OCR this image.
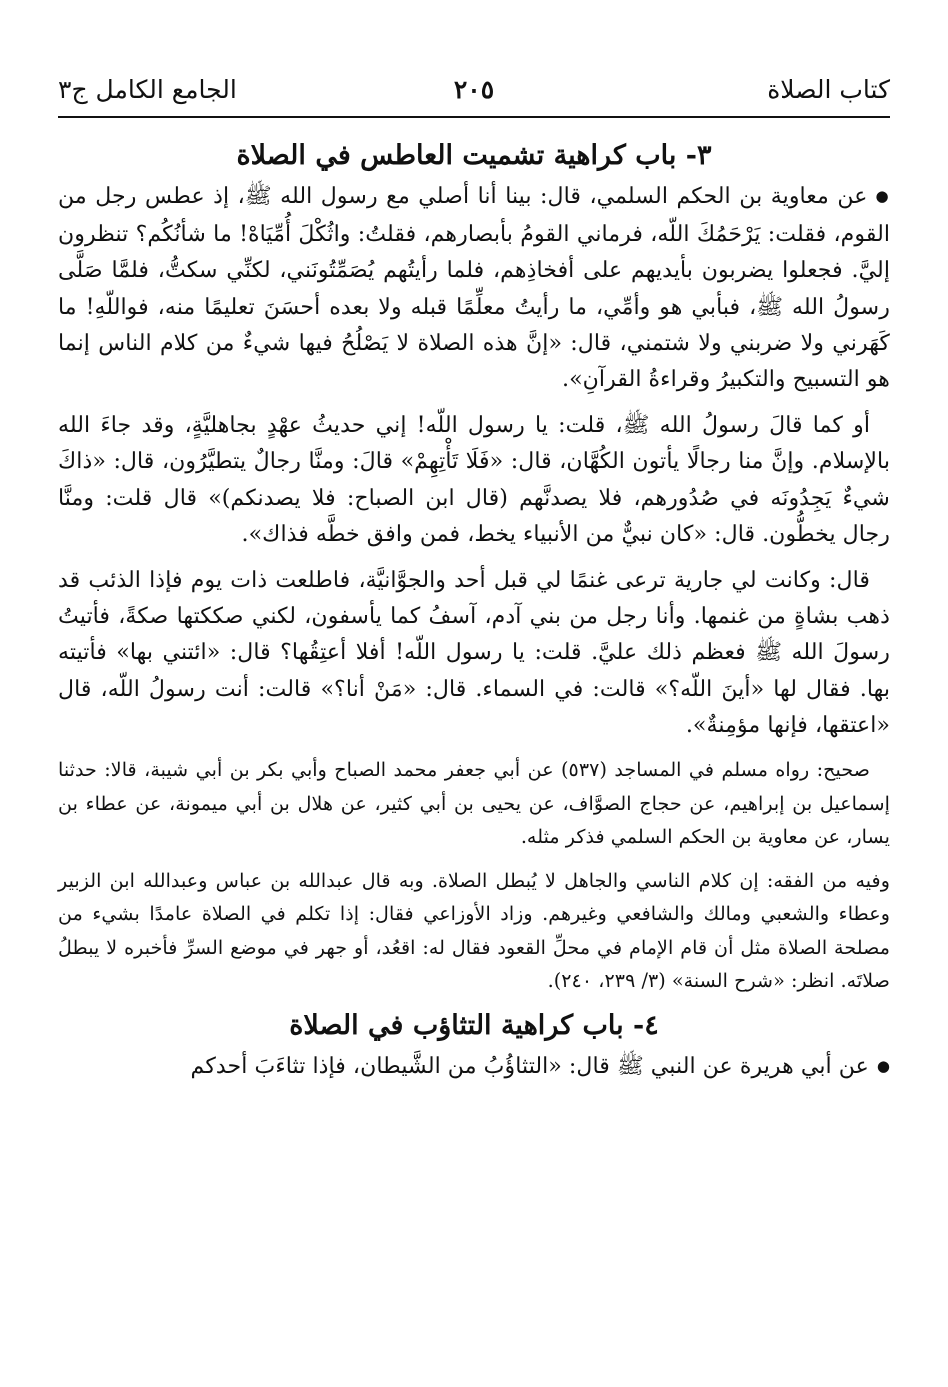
كتاب الصلاة
٢٠٥
الجامع الكامل ج٣
٣- باب كراهية تشميت العاطس في الصلاة

● عن معاوية بن الحكم السلمي، قال: بينا أنا أصلي مع رسول الله ﷺ، إذ عطس رجل من القوم، فقلت: يَرْحَمُكَ اللّه، فرماني القومُ بأبصارهم، فقلتُ: واثُكْلَ أُمِّيَاهْ! ما شأنُكُم؟ تنظرون إليَّ. فجعلوا يضربون بأيديهم على أفخاذِهم، فلما رأيتُهم يُصَمِّتُونَني، لكنِّي سكتُّ، فلمَّا صَلَّى رسولُ الله ﷺ، فبأبي هو وأمِّي، ما رأيتُ معلِّمًا قبله ولا بعده أحسَنَ تعليمًا منه، فواللّهِ! ما كَهَرني ولا ضربني ولا شتمني، قال: «إنَّ هذه الصلاة لا يَصْلُحُ فيها شيءٌ من كلام الناس إنما هو التسبيح والتكبيرُ وقراءةُ القرآنِ».

أو كما قالَ رسولُ الله ﷺ، قلت: يا رسول اللّه! إني حديثُ عهْدٍ بجاهليَّةٍ، وقد جاءَ الله بالإسلام. وإنَّ منا رجالًا يأتون الكُهَّان، قال: «فَلَا تَأْتِهِمْ» قالَ: ومنَّا رجالٌ يتطيَّرُون، قال: «ذاكَ شيءٌ يَجِدُونَه في صُدُورهم، فلا يصدنَّهم (قال ابن الصباح: فلا يصدنكم)» قال قلت: ومنَّا رجال يخطُّون. قال: «كان نبيٌّ من الأنبياء يخط، فمن وافق خطَّه فذاك».

قال: وكانت لي جارية ترعى غنمًا لي قبل أحد والجوَّانيَّة، فاطلعت ذات يوم فإذا الذئب قد ذهب بشاةٍ من غنمها. وأنا رجل من بني آدم، آسفُ كما يأسفون، لكني صككتها صكةً، فأتيتُ رسولَ الله ﷺ فعظم ذلك عليَّ. قلت: يا رسول اللّه! أفلا أعتِقُها؟ قال: «ائتني بها» فأتيته بها. فقال لها «أينَ اللّه؟» قالت: في السماء. قال: «مَنْ أنا؟» قالت: أنت رسولُ اللّه، قال «اعتقها، فإنها مؤمِنةٌ».

صحيح: رواه مسلم في المساجد (٥٣٧) عن أبي جعفر محمد الصباح وأبي بكر بن أبي شيبة، قالا: حدثنا إسماعيل بن إبراهيم، عن حجاج الصوَّاف، عن يحيى بن أبي كثير، عن هلال بن أبي ميمونة، عن عطاء بن يسار، عن معاوية بن الحكم السلمي فذكر مثله.

وفيه من الفقه: إن كلام الناسي والجاهل لا يُبطل الصلاة. وبه قال عبدالله بن عباس وعبدالله ابن الزبير وعطاء والشعبي ومالك والشافعي وغيرهم. وزاد الأوزاعي فقال: إذا تكلم في الصلاة عامدًا بشيء من مصلحة الصلاة مثل أن قام الإمام في محلِّ القعود فقال له: اقعُد، أو جهر في موضع السرِّ فأخبره لا يبطلُ صلاتَه. انظر: «شرح السنة» (٣/ ٢٣٩، ٢٤٠).

٤- باب كراهية التثاؤب في الصلاة

● عن أبي هريرة عن النبي ﷺ قال: «التثاؤُبُ من الشَّيطان، فإذا تثاءَبَ أحدكم
